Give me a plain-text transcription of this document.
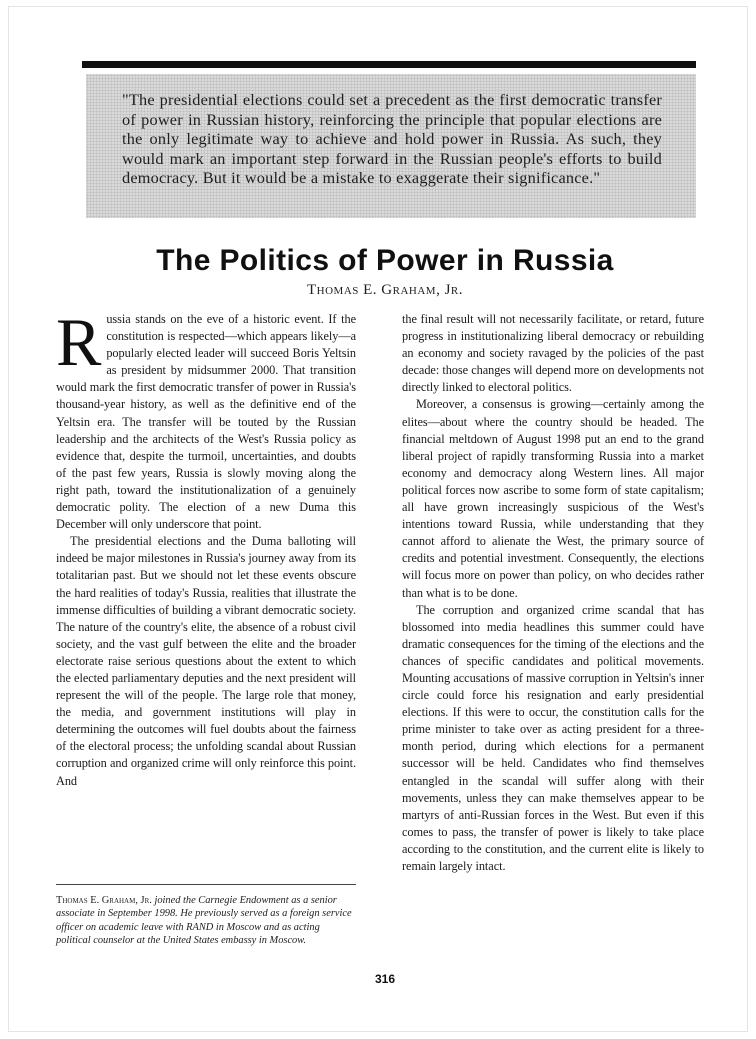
"The presidential elections could set a precedent as the first democratic transfer of power in Russian history, reinforcing the principle that popular elections are the only legitimate way to achieve and hold power in Russia. As such, they would mark an important step forward in the Russian people's efforts to build democracy. But it would be a mistake to exaggerate their significance."

The Politics of Power in Russia
Thomas E. Graham, Jr.

Russia stands on the eve of a historic event. If the constitution is respected—which appears likely—a popularly elected leader will succeed Boris Yeltsin as president by midsummer 2000. That transition would mark the first democratic transfer of power in Russia's thousand-year history, as well as the definitive end of the Yeltsin era. The transfer will be touted by the Russian leadership and the architects of the West's Russia policy as evidence that, despite the turmoil, uncertainties, and doubts of the past few years, Russia is slowly moving along the right path, toward the institutionalization of a genuinely democratic polity. The election of a new Duma this December will only underscore that point.

The presidential elections and the Duma balloting will indeed be major milestones in Russia's journey away from its totalitarian past. But we should not let these events obscure the hard realities of today's Russia, realities that illustrate the immense difficulties of building a vibrant democratic society. The nature of the country's elite, the absence of a robust civil society, and the vast gulf between the elite and the broader electorate raise serious questions about the extent to which the elected parliamentary deputies and the next president will represent the will of the people. The large role that money, the media, and government institutions will play in determining the outcomes will fuel doubts about the fairness of the electoral process; the unfolding scandal about Russian corruption and organized crime will only reinforce this point. And

the final result will not necessarily facilitate, or retard, future progress in institutionalizing liberal democracy or rebuilding an economy and society ravaged by the policies of the past decade: those changes will depend more on developments not directly linked to electoral politics.

Moreover, a consensus is growing—certainly among the elites—about where the country should be headed. The financial meltdown of August 1998 put an end to the grand liberal project of rapidly transforming Russia into a market economy and democracy along Western lines. All major political forces now ascribe to some form of state capitalism; all have grown increasingly suspicious of the West's intentions toward Russia, while understanding that they cannot afford to alienate the West, the primary source of credits and potential investment. Consequently, the elections will focus more on power than policy, on who decides rather than what is to be done.

The corruption and organized crime scandal that has blossomed into media headlines this summer could have dramatic consequences for the timing of the elections and the chances of specific candidates and political movements. Mounting accusations of massive corruption in Yeltsin's inner circle could force his resignation and early presidential elections. If this were to occur, the constitution calls for the prime minister to take over as acting president for a three-month period, during which elections for a permanent successor will be held. Candidates who find themselves entangled in the scandal will suffer along with their movements, unless they can make themselves appear to be martyrs of anti-Russian forces in the West. But even if this comes to pass, the transfer of power is likely to take place according to the constitution, and the current elite is likely to remain largely intact.

Thomas E. Graham, Jr. joined the Carnegie Endowment as a senior associate in September 1998. He previously served as a foreign service officer on academic leave with RAND in Moscow and as acting political counselor at the United States embassy in Moscow.

316
